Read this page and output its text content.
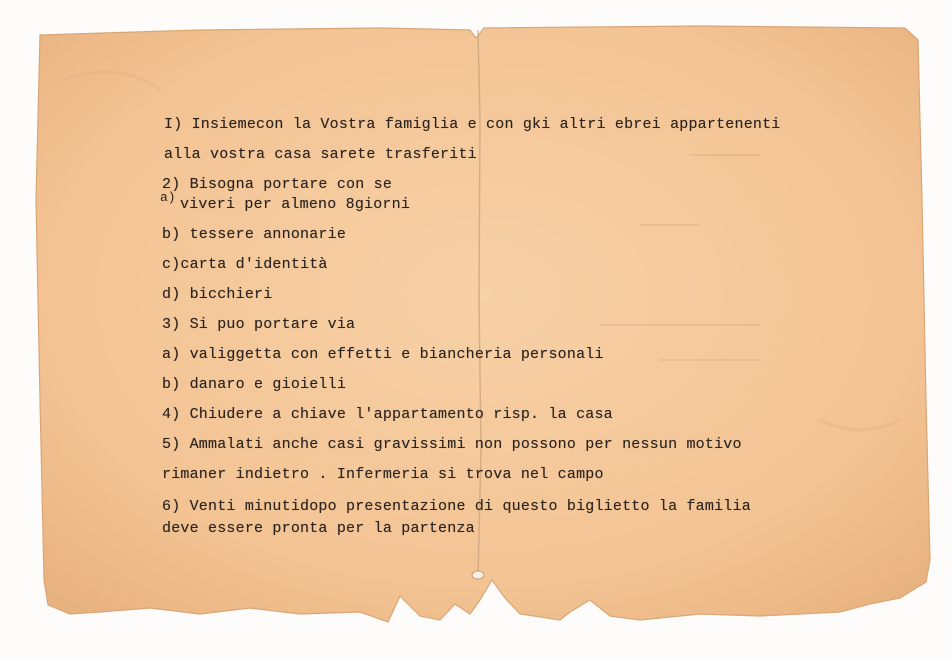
I) Insiemecon la Vostra famiglia e con gki altri ebrei appartenenti

alla vostra casa sarete trasferiti

2) Bisogna portare con se

a) viveri per almeno 8giorni

b) tessere annonarie

c)carta d'identità

d) bicchieri

3) Si puo portare via

a) valiggetta con effetti e biancheria personali

b) danaro e gioielli

4) Chiudere a chiave l'appartamento risp. la casa

5) Ammalati anche casi gravissimi non possono per nessun motivo

rimaner indietro . Infermeria si trova nel campo

6) Venti minutidopo presentazione di questo biglietto la familia

deve essere pronta per la partenza
